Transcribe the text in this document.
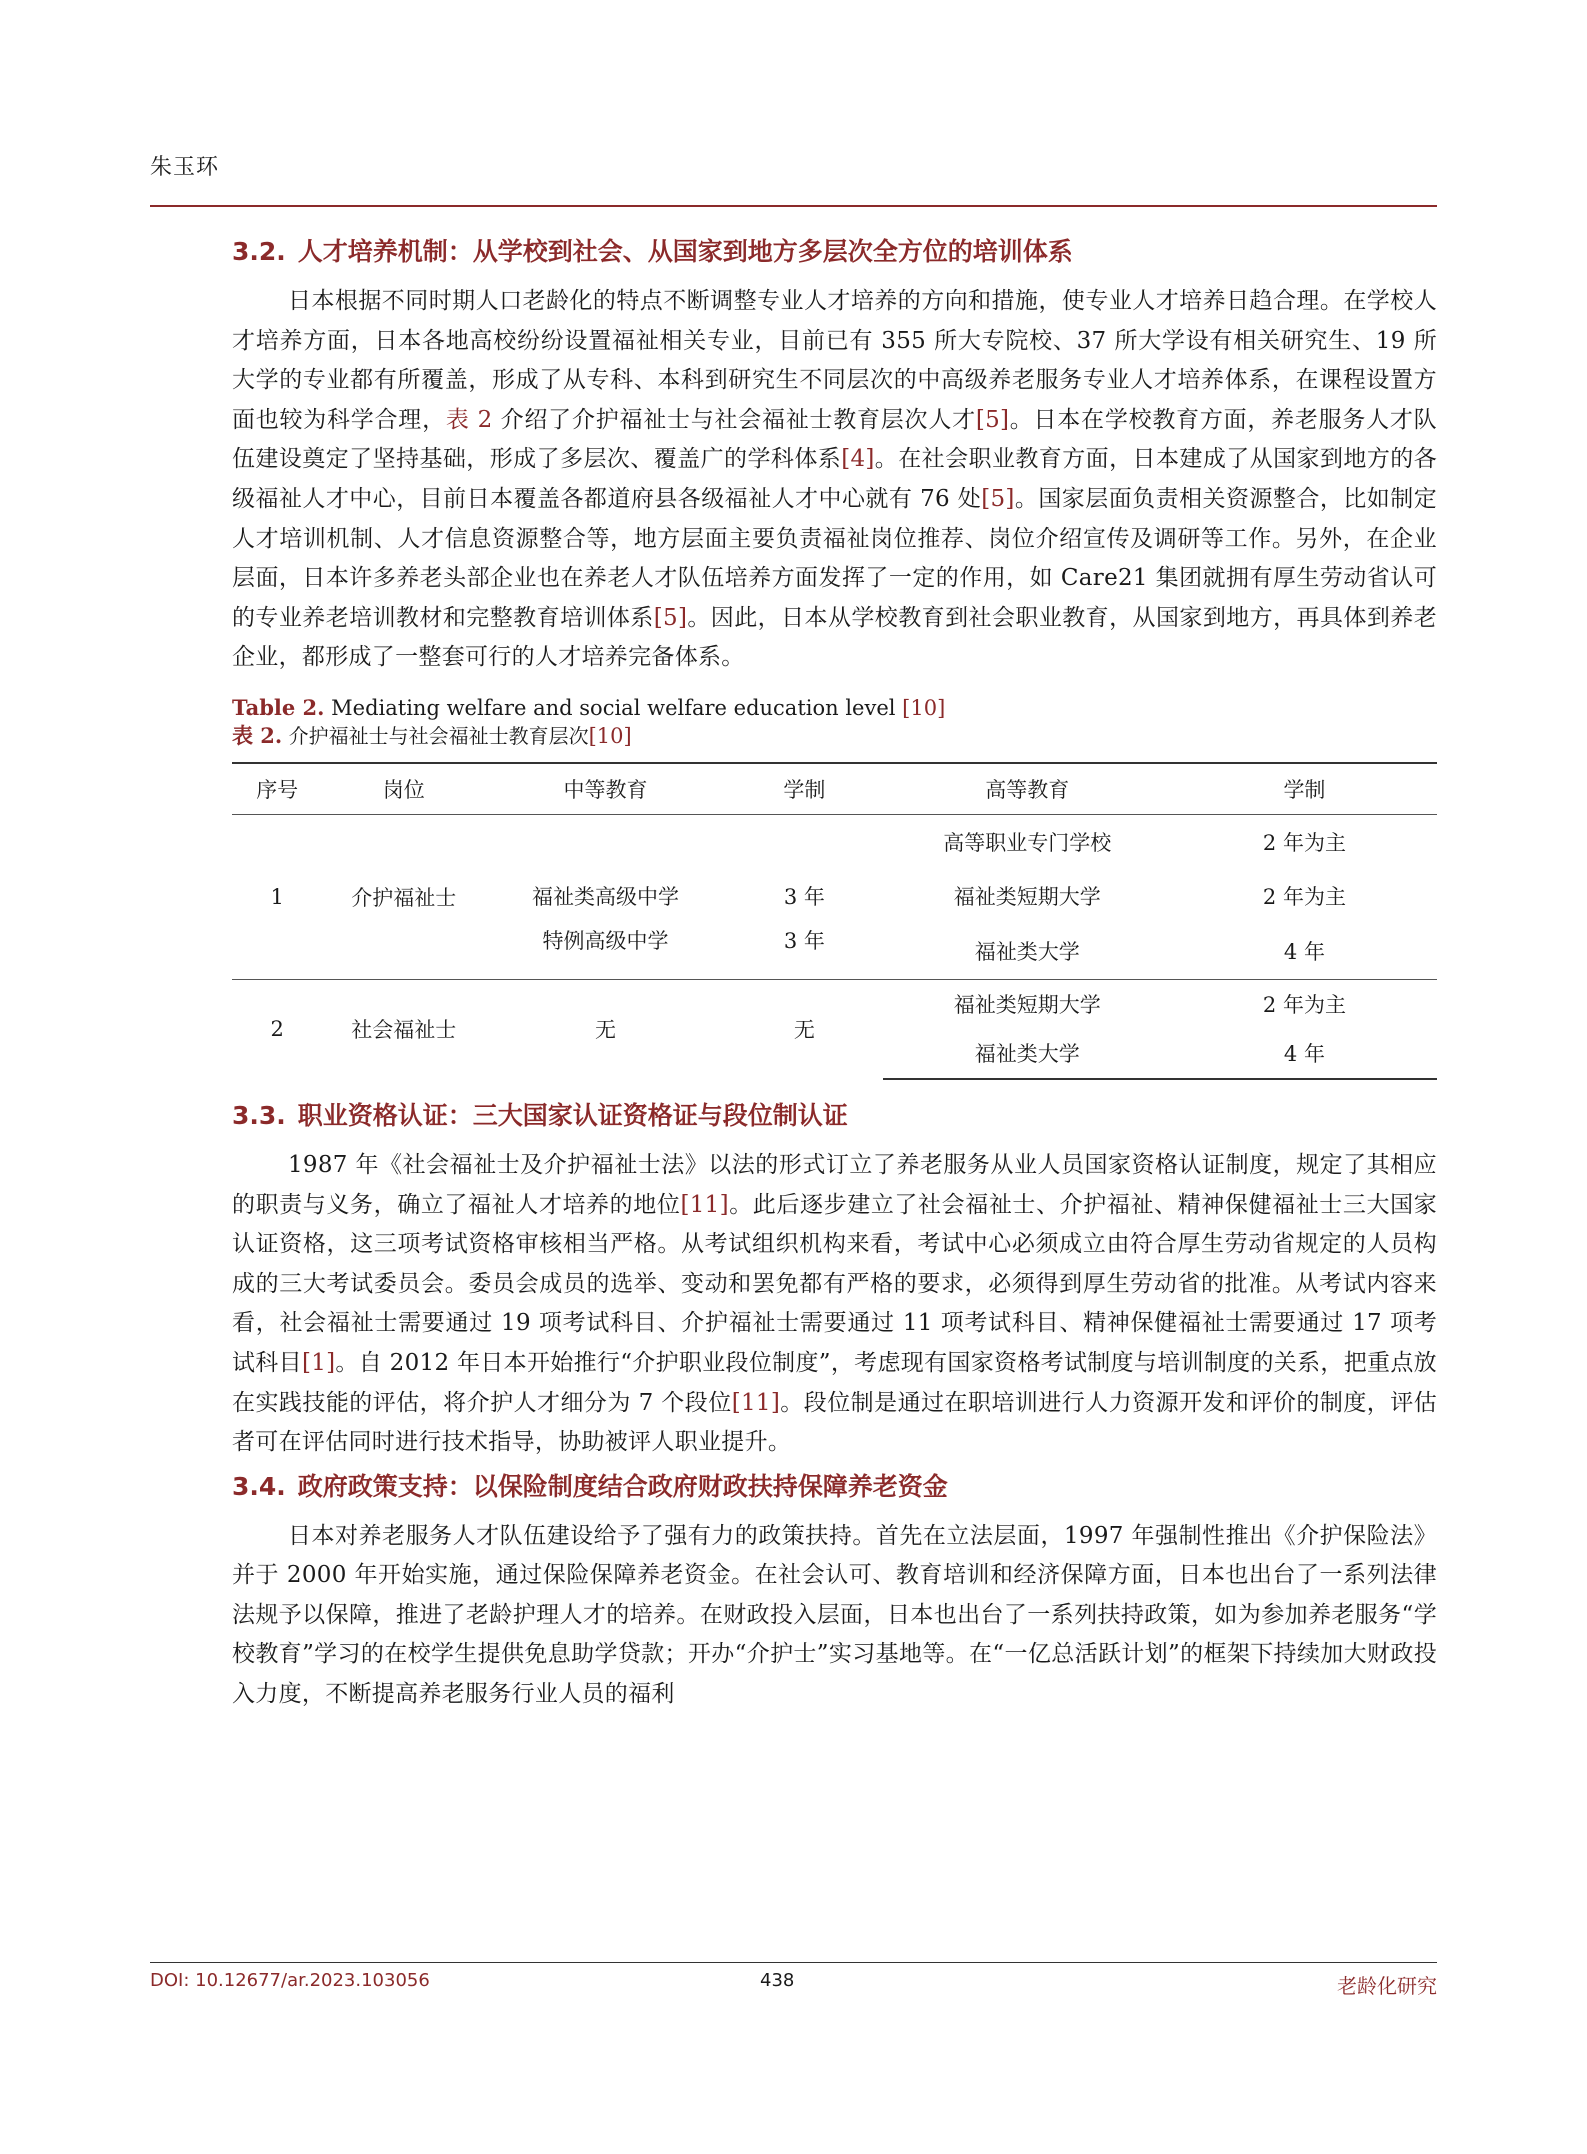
朱玉环
3.2. 人才培养机制：从学校到社会、从国家到地方多层次全方位的培训体系

日本根据不同时期人口老龄化的特点不断调整专业人才培养的方向和措施，使专业人才培养日趋合理。在学校人才培养方面，日本各地高校纷纷设置福祉相关专业，目前已有 355 所大专院校、37 所大学设有相关研究生、19 所大学的专业都有所覆盖，形成了从专科、本科到研究生不同层次的中高级养老服务专业人才培养体系，在课程设置方面也较为科学合理，表 2 介绍了介护福祉士与社会福祉士教育层次人才[5]。日本在学校教育方面，养老服务人才队伍建设奠定了坚持基础，形成了多层次、覆盖广的学科体系[4]。在社会职业教育方面，日本建成了从国家到地方的各级福祉人才中心，目前日本覆盖各都道府县各级福祉人才中心就有 76 处[5]。国家层面负责相关资源整合，比如制定人才培训机制、人才信息资源整合等，地方层面主要负责福祉岗位推荐、岗位介绍宣传及调研等工作。另外，在企业层面，日本许多养老头部企业也在养老人才队伍培养方面发挥了一定的作用，如 Care21 集团就拥有厚生劳动省认可的专业养老培训教材和完整教育培训体系[5]。因此，日本从学校教育到社会职业教育，从国家到地方，再具体到养老企业，都形成了一整套可行的人才培养完备体系。

Table 2. Mediating welfare and social welfare education level [10]
表 2. 介护福祉士与社会福祉士教育层次[10]
序号	岗位	中等教育	学制	高等教育	学制
1	介护福祉士	福祉类高级中学	3 年	高等职业专门学校	2 年为主
				福祉类短期大学	2 年为主
		特例高级中学	3 年	福祉类大学	4 年
2	社会福祉士	无	无	福祉类短期大学	2 年为主
				福祉类大学	4 年
3.3. 职业资格认证：三大国家认证资格证与段位制认证

1987 年《社会福祉士及介护福祉士法》以法的形式订立了养老服务从业人员国家资格认证制度，规定了其相应的职责与义务，确立了福祉人才培养的地位[11]。此后逐步建立了社会福祉士、介护福祉、精神保健福祉士三大国家认证资格，这三项考试资格审核相当严格。从考试组织机构来看，考试中心必须成立由符合厚生劳动省规定的人员构成的三大考试委员会。委员会成员的选举、变动和罢免都有严格的要求，必须得到厚生劳动省的批准。从考试内容来看，社会福祉士需要通过 19 项考试科目、介护福祉士需要通过 11 项考试科目、精神保健福祉士需要通过 17 项考试科目[1]。自 2012 年日本开始推行“介护职业段位制度”，考虑现有国家资格考试制度与培训制度的关系，把重点放在实践技能的评估，将介护人才细分为 7 个段位[11]。段位制是通过在职培训进行人力资源开发和评价的制度，评估者可在评估同时进行技术指导，协助被评人职业提升。

3.4. 政府政策支持：以保险制度结合政府财政扶持保障养老资金

日本对养老服务人才队伍建设给予了强有力的政策扶持。首先在立法层面，1997 年强制性推出《介护保险法》并于 2000 年开始实施，通过保险保障养老资金。在社会认可、教育培训和经济保障方面，日本也出台了一系列法律法规予以保障，推进了老龄护理人才的培养。在财政投入层面，日本也出台了一系列扶持政策，如为参加养老服务“学校教育”学习的在校学生提供免息助学贷款；开办“介护士”实习基地等。在“一亿总活跃计划”的框架下持续加大财政投入力度，不断提高养老服务行业人员的福利

DOI: 10.12677/ar.2023.103056	438	老龄化研究
